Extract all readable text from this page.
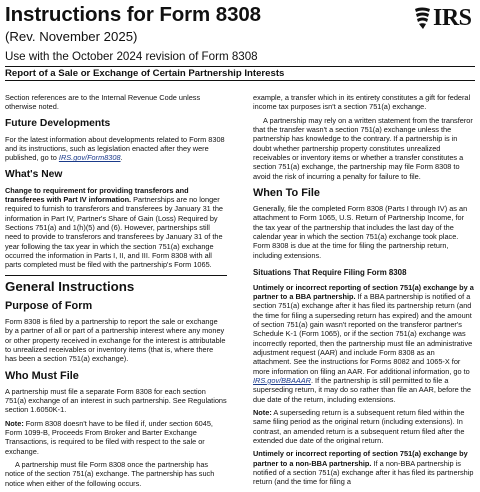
Instructions for Form 8308
(Rev. November 2025)
Use with the October 2024 revision of Form 8308
IRS
Report of a Sale or Exchange of Certain Partnership Interests

Section references are to the Internal Revenue Code unless otherwise noted.

Future Developments

For the latest information about developments related to Form 8308 and its instructions, such as legislation enacted after they were published, go to IRS.gov/Form8308.

What's New

Change to requirement for providing transferors and transferees with Part IV information. Partnerships are no longer required to furnish to transferors and transferees by January 31 the information in Part IV, Partner's Share of Gain (Loss) Required by Sections 751(a) and 1(h)(5) and (6). However, partnerships still need to provide to transferors and transferees by January 31 of the year following the tax year in which the section 751(a) exchange occurred the information in Parts I, II, and III. Form 8308 with all parts completed must be filed with the partnership's Form 1065.

General Instructions
Purpose of Form

Form 8308 is filed by a partnership to report the sale or exchange by a partner of all or part of a partnership interest where any money or other property received in exchange for the interest is attributable to unrealized receivables or inventory items (that is, where there has been a section 751(a) exchange).

Who Must File

A partnership must file a separate Form 8308 for each section 751(a) exchange of an interest in such partnership. See Regulations section 1.6050K-1.

Note: Form 8308 doesn't have to be filed if, under section 6045, Form 1099-B, Proceeds From Broker and Barter Exchange Transactions, is required to be filed with respect to the sale or exchange.

A partnership must file Form 8308 once the partnership has notice of the section 751(a) exchange. The partnership has such notice when either of the following occurs.

example, a transfer which in its entirety constitutes a gift for federal income tax purposes isn't a section 751(a) exchange.

A partnership may rely on a written statement from the transferor that the transfer wasn't a section 751(a) exchange unless the partnership has knowledge to the contrary. If a partnership is in doubt whether partnership property constitutes unrealized receivables or inventory items or whether a transfer constitutes a section 751(a) exchange, the partnership may file Form 8308 to avoid the risk of incurring a penalty for failure to file.

When To File

Generally, file the completed Form 8308 (Parts I through IV) as an attachment to Form 1065, U.S. Return of Partnership Income, for the tax year of the partnership that includes the last day of the calendar year in which the section 751(a) exchange took place. Form 8308 is due at the time for filing the partnership return, including extensions.

Situations That Require Filing Form 8308

Untimely or incorrect reporting of section 751(a) exchange by a partner to a BBA partnership. If a BBA partnership is notified of a section 751(a) exchange after it has filed its partnership return (and the time for filing a superseding return has expired) and the amount of section 751(a) gain wasn't reported on the transferor partner's Schedule K-1 (Form 1065), or if the section 751(a) exchange was incorrectly reported, then the partnership must file an administrative adjustment request (AAR) and include Form 8308 as an attachment. See the instructions for Forms 8082 and 1065-X for more information on filing an AAR. For additional information, go to IRS.gov/BBAAAR. If the partnership is still permitted to file a superseding return, it may do so rather than file an AAR, before the due date of the return, including extensions.

Note: A superseding return is a subsequent return filed within the same filing period as the original return (including extensions). In contrast, an amended return is a subsequent return filed after the extended due date of the original return.

Untimely or incorrect reporting of section 751(a) exchange by partner to a non-BBA partnership. If a non-BBA partnership is notified of a section 751(a) exchange after it has filed its partnership return (and the time for filing a
